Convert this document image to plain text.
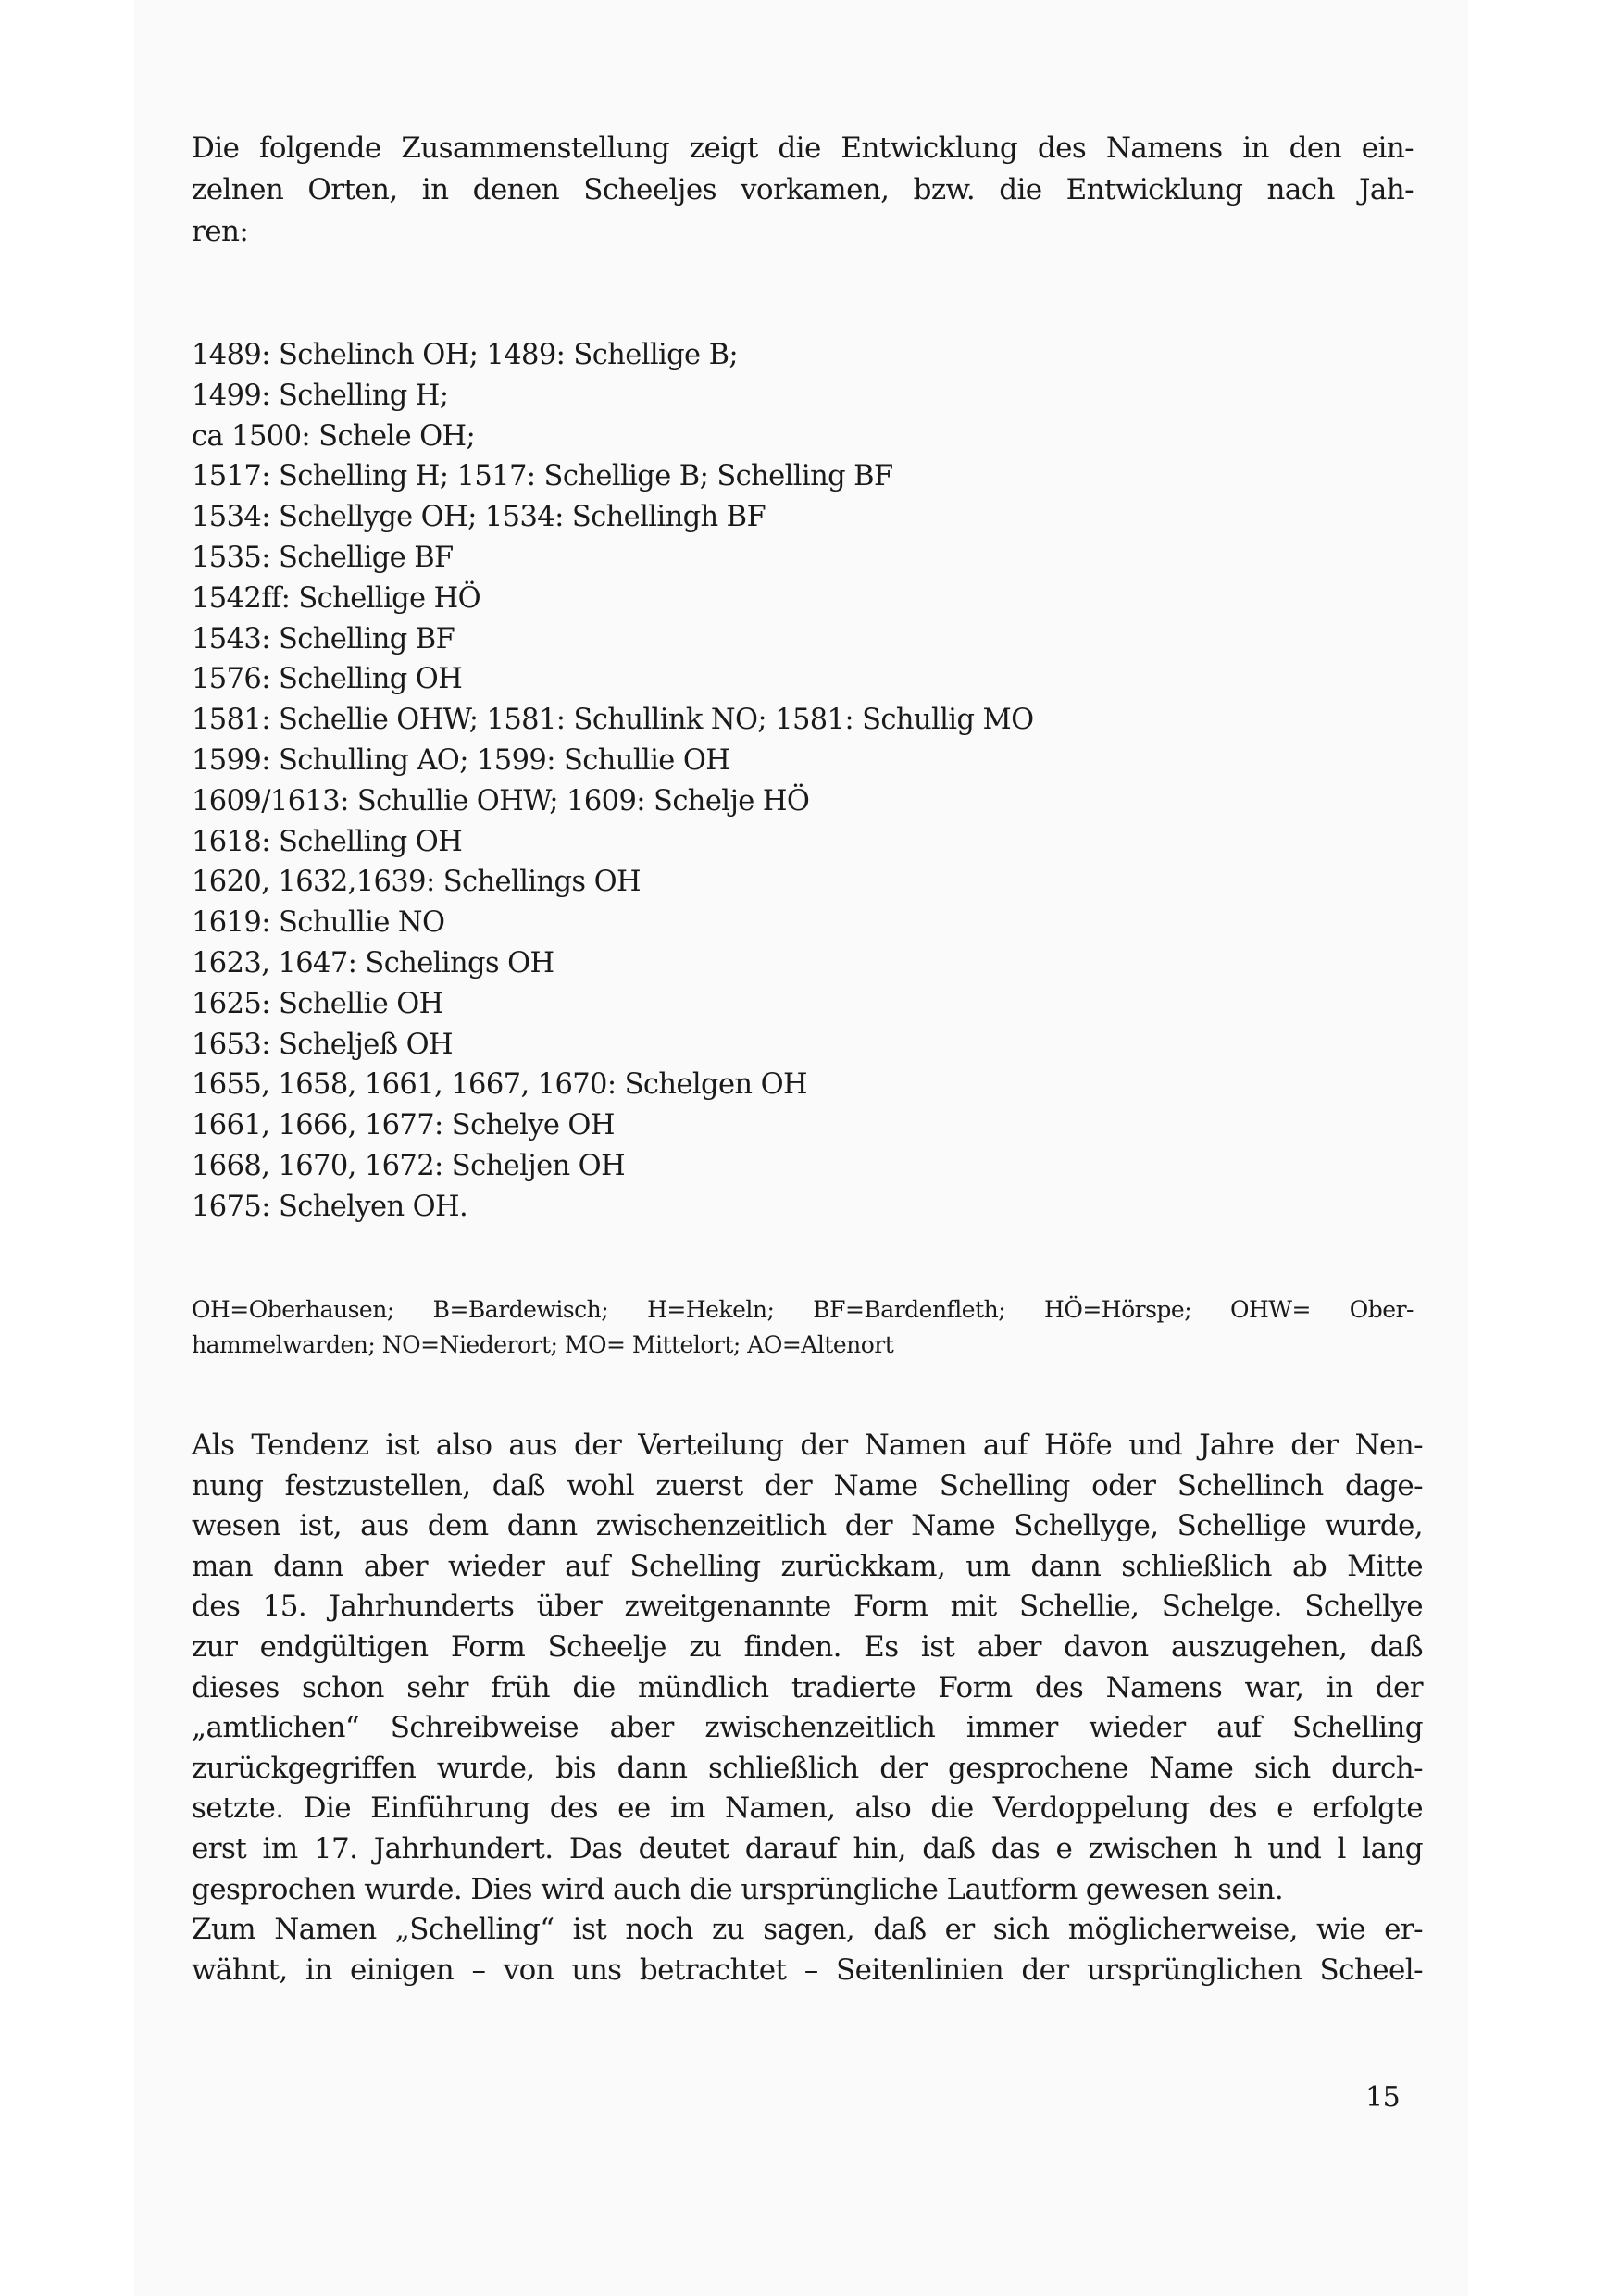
Die folgende Zusammenstellung zeigt die Entwicklung des Namens in den ein-
zelnen Orten, in denen Scheeljes vorkamen, bzw. die Entwicklung nach Jah-
ren:
1489: Schelinch OH; 1489: Schellige B;
1499: Schelling H;
ca 1500: Schele OH;
1517: Schelling H; 1517: Schellige B; Schelling BF
1534: Schellyge OH; 1534: Schellingh BF
1535: Schellige BF
1542ff: Schellige HÖ
1543: Schelling BF
1576: Schelling OH
1581: Schellie OHW; 1581: Schullink NO; 1581: Schullig MO
1599: Schulling AO; 1599: Schullie OH
1609/1613: Schullie OHW; 1609: Schelje HÖ
1618: Schelling OH
1620, 1632,1639: Schellings OH
1619: Schullie NO
1623, 1647: Schelings OH
1625: Schellie OH
1653: Scheljeß OH
1655, 1658, 1661, 1667, 1670: Schelgen OH
1661, 1666, 1677: Schelye OH
1668, 1670, 1672: Scheljen OH
1675: Schelyen OH.
OH=Oberhausen; B=Bardewisch; H=Hekeln; BF=Bardenfleth; HÖ=Hörspe; OHW= Ober-
hammelwarden; NO=Niederort; MO= Mittelort; AO=Altenort
Als Tendenz ist also aus der Verteilung der Namen auf Höfe und Jahre der Nen-
nung festzustellen, daß wohl zuerst der Name Schelling oder Schellinch dage-
wesen ist, aus dem dann zwischenzeitlich der Name Schellyge, Schellige wurde,
man dann aber wieder auf Schelling zurückkam, um dann schließlich ab Mitte
des 15. Jahrhunderts über zweitgenannte Form mit Schellie, Schelge. Schellye
zur endgültigen Form Scheelje zu finden. Es ist aber davon auszugehen, daß
dieses schon sehr früh die mündlich tradierte Form des Namens war, in der
„amtlichen“ Schreibweise aber zwischenzeitlich immer wieder auf Schelling
zurückgegriffen wurde, bis dann schließlich der gesprochene Name sich durch-
setzte. Die Einführung des ee im Namen, also die Verdoppelung des e erfolgte
erst im 17. Jahrhundert. Das deutet darauf hin, daß das e zwischen h und l lang
gesprochen wurde. Dies wird auch die ursprüngliche Lautform gewesen sein.
Zum Namen „Schelling“ ist noch zu sagen, daß er sich möglicherweise, wie er-
wähnt, in einigen – von uns betrachtet – Seitenlinien der ursprünglichen Scheel-
15
